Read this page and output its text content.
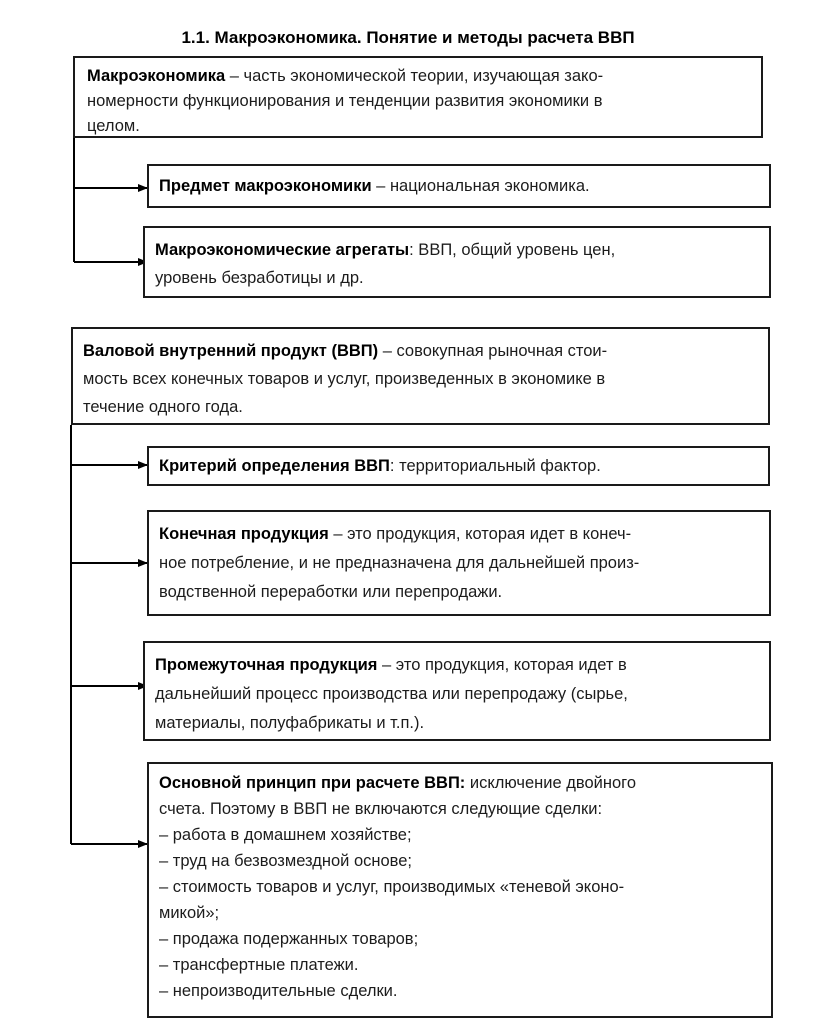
1.1. Макроэкономика. Понятие и методы расчета ВВП
Макроэкономика – часть экономической теории, изучающая зако-
номерности функционирования и тенденции развития экономики в
целом.
Предмет макроэкономики – национальная экономика.
Макроэкономические агрегаты: ВВП, общий уровень цен,
уровень безработицы и др.
Валовой внутренний продукт (ВВП) – совокупная рыночная стои-
мость всех конечных товаров и услуг, произведенных в экономике в
течение одного года.
Критерий определения ВВП: территориальный фактор.
Конечная продукция – это продукция, которая идет в конеч-
ное потребление, и не предназначена для дальнейшей произ-
водственной переработки или перепродажи.
Промежуточная продукция – это продукция, которая идет в
дальнейший процесс производства или перепродажу (сырье,
материалы, полуфабрикаты и т.п.).
Основной принцип при расчете ВВП: исключение двойного
счета. Поэтому в ВВП не включаются следующие сделки:
– работа в домашнем хозяйстве;
– труд на безвозмездной основе;
– стоимость товаров и услуг, производимых «теневой эконо-
микой»;
– продажа подержанных товаров;
– трансфертные платежи.
– непроизводительные сделки.
